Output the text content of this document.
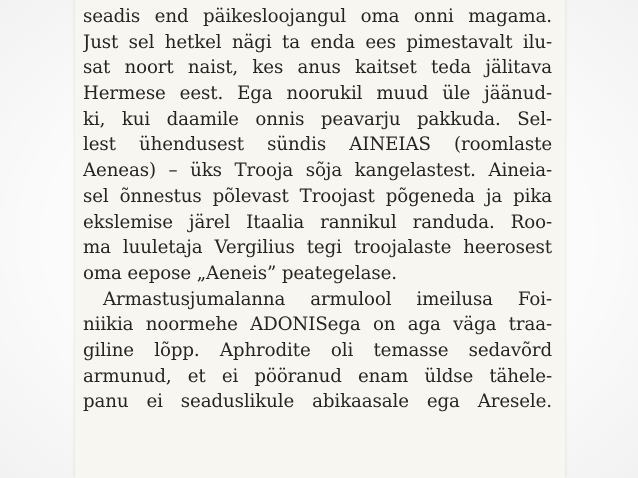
seadis end päikesloojangul oma onni magama.
Just sel hetkel nägi ta enda ees pimestavalt ilu-
sat noort naist, kes anus kaitset teda jälitava
Hermese eest. Ega noorukil muud üle jäänud-
ki, kui daamile onnis peavarju pakkuda. Sel-
lest ühendusest sündis AINEIAS (roomlaste
Aeneas) – üks Trooja sõja kangelastest. Aineia-
sel õnnestus põlevast Troojast põgeneda ja pika
ekslemise järel Itaalia rannikul randuda. Roo-
ma luuletaja Vergilius tegi troojalaste heerosest
oma eepose „Aeneis” peategelase.
Armastusjumalanna armulool imeilusa Foi-
niikia noormehe ADONISega on aga väga traa-
giline lõpp. Aphrodite oli temasse sedavõrd
armunud, et ei pööranud enam üldse tähele-
panu ei seaduslikule abikaasale ega Aresele.
